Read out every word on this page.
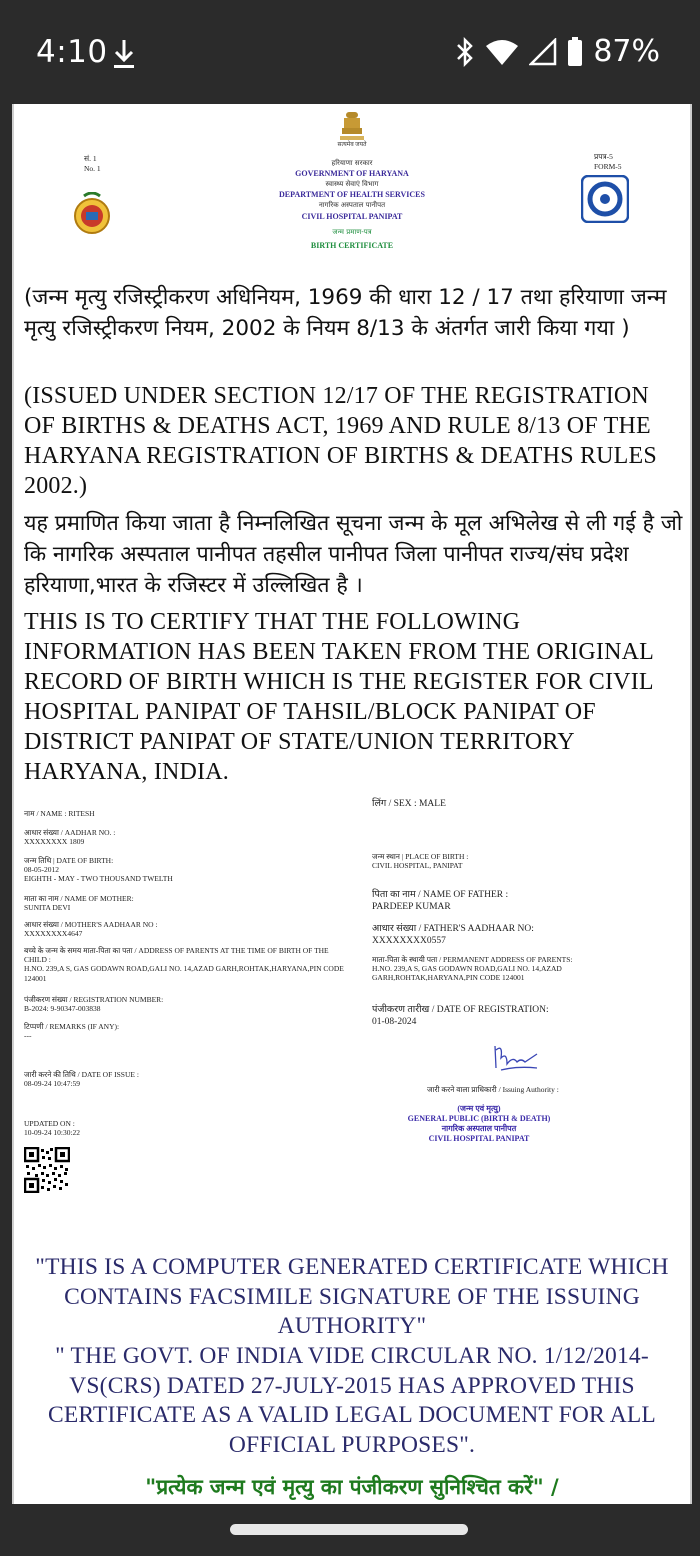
4:10	87%
सत्यमेव जयते
सं. 1
No. 1
प्रपत्र-5
FORM-5
हरियाणा सरकार
GOVERNMENT OF HARYANA
स्वास्थ्य सेवाएं विभाग
DEPARTMENT OF HEALTH SERVICES
नागरिक अस्पताल पानीपत
CIVIL HOSPITAL PANIPAT
जन्म प्रमाण-पत्र
BIRTH CERTIFICATE
(जन्म मृत्यु रजिस्ट्रीकरण अधिनियम, 1969 की धारा 12 / 17 तथा हरियाणा जन्म मृत्यु रजिस्ट्रीकरण नियम, 2002 के नियम 8/13 के अंतर्गत जारी किया गया )
(ISSUED UNDER SECTION 12/17 OF THE REGISTRATION OF BIRTHS & DEATHS ACT, 1969 AND RULE 8/13 OF THE HARYANA REGISTRATION OF BIRTHS & DEATHS RULES 2002.)
यह प्रमाणित किया जाता है निम्नलिखित सूचना जन्म के मूल अभिलेख से ली गई है जो कि नागरिक अस्पताल पानीपत तहसील पानीपत जिला पानीपत राज्य/संघ प्रदेश हरियाणा,भारत के रजिस्टर में उल्लिखित है ।
THIS IS TO CERTIFY THAT THE FOLLOWING INFORMATION HAS BEEN TAKEN FROM THE ORIGINAL RECORD OF BIRTH WHICH IS THE REGISTER FOR CIVIL HOSPITAL PANIPAT OF TAHSIL/BLOCK PANIPAT OF DISTRICT PANIPAT OF STATE/UNION TERRITORY HARYANA, INDIA.
नाम / NAME : RITESH
लिंग / SEX : MALE
आधार संख्या / AADHAR NO. :
XXXXXXXX 1809
जन्म तिथि | DATE OF BIRTH:
08-05-2012
EIGHTH - MAY - TWO THOUSAND TWELTH
जन्म स्थान | PLACE OF BIRTH :
CIVIL HOSPITAL, PANIPAT
माता का नाम / NAME OF MOTHER:
SUNITA DEVI
पिता का नाम / NAME OF FATHER :
PARDEEP KUMAR
आधार संख्या / MOTHER'S AADHAAR NO :
XXXXXXXX4647	आधार संख्या / FATHER'S AADHAAR NO:
XXXXXXXX0557
बच्चे के जन्म के समय माता-पिता का पता / ADDRESS OF PARENTS AT THE TIME OF BIRTH OF THE
CHILD :
H.NO. 239,A S, GAS GODAWN ROAD,GALI NO. 14,AZAD GARH,ROHTAK,HARYANA,PIN CODE
124001
माता-पिता के स्थायी पता / PERMANENT ADDRESS OF PARENTS:
H.NO. 239,A S, GAS GODAWN ROAD,GALI NO. 14,AZAD
GARH,ROHTAK,HARYANA,PIN CODE 124001
पंजीकरण संख्या / REGISTRATION NUMBER:
B-2024: 9-90347-003838	पंजीकरण तारीख / DATE OF REGISTRATION:
01-08-2024
टिप्पणी / REMARKS (IF ANY):
---
जारी करने की तिथि / DATE OF ISSUE :
08-09-24 10:47:59
जारी करने वाला प्राधिकारी / Issuing Authority :
(जन्म एवं मृत्यु)
GENERAL PUBLIC (BIRTH & DEATH)
नागरिक अस्पताल पानीपत
CIVIL HOSPITAL PANIPAT
UPDATED ON :
10-09-24 10:30:22
"THIS IS A COMPUTER GENERATED CERTIFICATE WHICH CONTAINS FACSIMILE SIGNATURE OF THE ISSUING AUTHORITY"
" THE GOVT. OF INDIA VIDE CIRCULAR NO. 1/12/2014-VS(CRS) DATED 27-JULY-2015 HAS APPROVED THIS CERTIFICATE AS A VALID LEGAL DOCUMENT FOR ALL OFFICIAL PURPOSES".
"प्रत्येक जन्म एवं मृत्यु का पंजीकरण सुनिश्चित करें" /
